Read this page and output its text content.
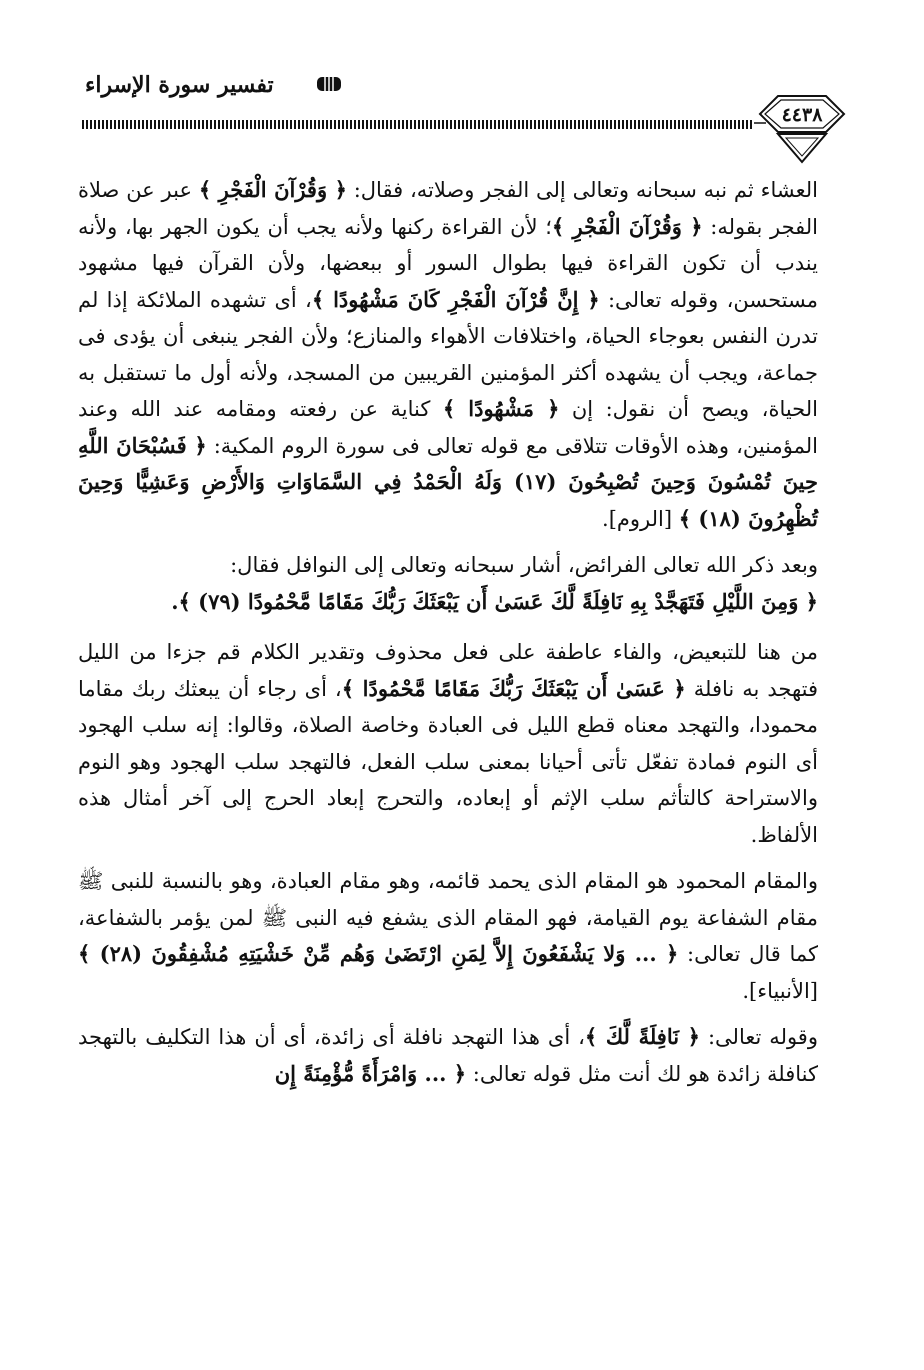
تفسير سورة الإسراء
٤٤٣٨

العشاء ثم نبه سبحانه وتعالى إلى الفجر وصلاته، فقال: ﴿ وَقُرْآنَ الْفَجْرِ ﴾ عبر عن صلاة الفجر بقوله: ﴿ وَقُرْآنَ الْفَجْرِ ﴾؛ لأن القراءة ركنها ولأنه يجب أن يكون الجهر بها، ولأنه يندب أن تكون القراءة فيها بطوال السور أو ببعضها، ولأن القرآن فيها مشهود مستحسن، وقوله تعالى: ﴿ إِنَّ قُرْآنَ الْفَجْرِ كَانَ مَشْهُودًا ﴾، أى تشهده الملائكة إذا لم تدرن النفس بعوجاء الحياة، واختلافات الأهواء والمنازع؛ ولأن الفجر ينبغى أن يؤدى فى جماعة، ويجب أن يشهده أكثر المؤمنين القريبين من المسجد، ولأنه أول ما تستقبل به الحياة، ويصح أن نقول: إن ﴿ مَشْهُودًا ﴾ كناية عن رفعته ومقامه عند الله وعند المؤمنين، وهذه الأوقات تتلاقى مع قوله تعالى فى سورة الروم المكية: ﴿ فَسُبْحَانَ اللَّهِ حِينَ تُمْسُونَ وَحِينَ تُصْبِحُونَ (١٧) وَلَهُ الْحَمْدُ فِي السَّمَاوَاتِ وَالأَرْضِ وَعَشِيًّا وَحِينَ تُظْهِرُونَ (١٨) ﴾ [الروم].

وبعد ذكر الله تعالى الفرائض، أشار سبحانه وتعالى إلى النوافل فقال:

﴿ وَمِنَ اللَّيْلِ فَتَهَجَّدْ بِهِ نَافِلَةً لَّكَ عَسَىٰ أَن يَبْعَثَكَ رَبُّكَ مَقَامًا مَّحْمُودًا (٧٩) ﴾.

من هنا للتبعيض، والفاء عاطفة على فعل محذوف وتقدير الكلام قم جزءا من الليل فتهجد به نافلة ﴿ عَسَىٰ أَن يَبْعَثَكَ رَبُّكَ مَقَامًا مَّحْمُودًا ﴾، أى رجاء أن يبعثك ربك مقاما محمودا، والتهجد معناه قطع الليل فى العبادة وخاصة الصلاة، وقالوا: إنه سلب الهجود أى النوم فمادة تفعّل تأتى أحيانا بمعنى سلب الفعل، فالتهجد سلب الهجود وهو النوم والاستراحة كالتأثم سلب الإثم أو إبعاده، والتحرج إبعاد الحرج إلى آخر أمثال هذه الألفاظ.

والمقام المحمود هو المقام الذى يحمد قائمه، وهو مقام العبادة، وهو بالنسبة للنبى ﷺ مقام الشفاعة يوم القيامة، فهو المقام الذى يشفع فيه النبى ﷺ لمن يؤمر بالشفاعة، كما قال تعالى: ﴿ ... وَلا يَشْفَعُونَ إِلاَّ لِمَنِ ارْتَضَىٰ وَهُم مِّنْ خَشْيَتِهِ مُشْفِقُونَ (٢٨) ﴾ [الأنبياء].

وقوله تعالى: ﴿ نَافِلَةً لَّكَ ﴾، أى هذا التهجد نافلة أى زائدة، أى أن هذا التكليف بالتهجد كنافلة زائدة هو لك أنت مثل قوله تعالى: ﴿ ... وَامْرَأَةً مُّؤْمِنَةً إِن
